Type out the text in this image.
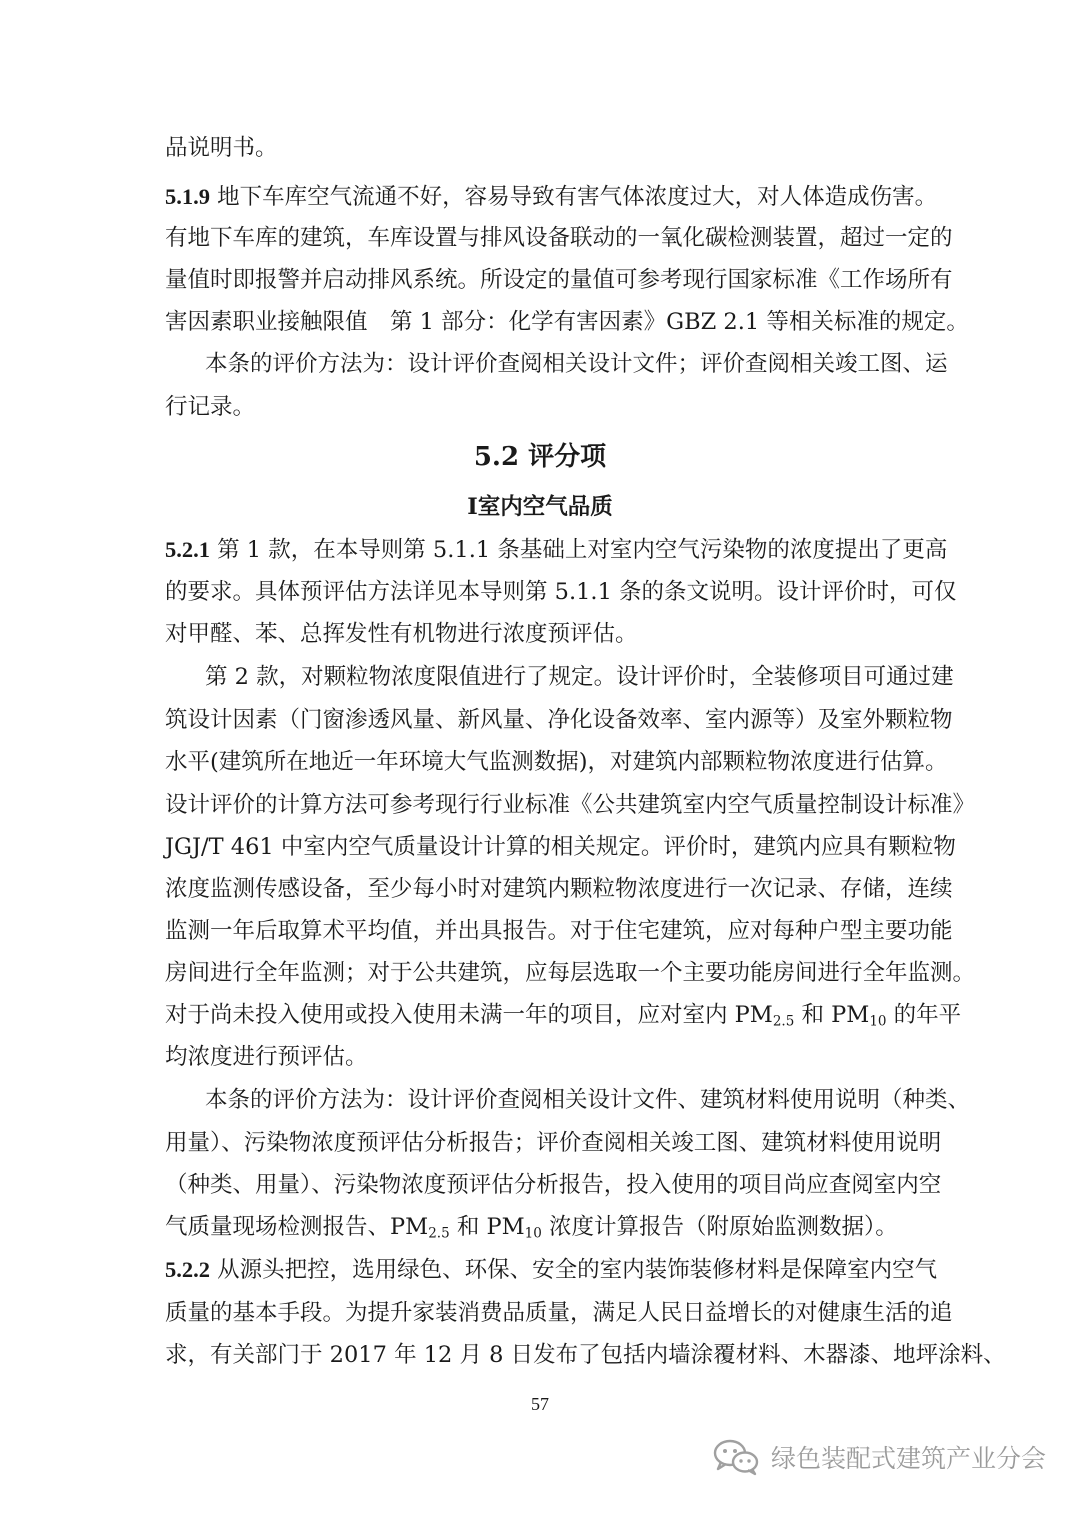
品说明书。
5.1.9 地下车库空气流通不好，容易导致有害气体浓度过大，对人体造成伤害。
有地下车库的建筑，车库设置与排风设备联动的一氧化碳检测装置，超过一定的
量值时即报警并启动排风系统。所设定的量值可参考现行国家标准《工作场所有
害因素职业接触限值　第 1 部分：化学有害因素》GBZ 2.1 等相关标准的规定。
本条的评价方法为：设计评价查阅相关设计文件；评价查阅相关竣工图、运
行记录。
5.2 评分项
Ⅰ室内空气品质
5.2.1 第 1 款，在本导则第 5.1.1 条基础上对室内空气污染物的浓度提出了更高
的要求。具体预评估方法详见本导则第 5.1.1 条的条文说明。设计评价时，可仅
对甲醛、苯、总挥发性有机物进行浓度预评估。
第 2 款，对颗粒物浓度限值进行了规定。设计评价时，全装修项目可通过建
筑设计因素（门窗渗透风量、新风量、净化设备效率、室内源等）及室外颗粒物
水平(建筑所在地近一年环境大气监测数据)，对建筑内部颗粒物浓度进行估算。
设计评价的计算方法可参考现行行业标准《公共建筑室内空气质量控制设计标准》
JGJ/T 461 中室内空气质量设计计算的相关规定。评价时，建筑内应具有颗粒物
浓度监测传感设备，至少每小时对建筑内颗粒物浓度进行一次记录、存储，连续
监测一年后取算术平均值，并出具报告。对于住宅建筑，应对每种户型主要功能
房间进行全年监测；对于公共建筑，应每层选取一个主要功能房间进行全年监测。
对于尚未投入使用或投入使用未满一年的项目，应对室内 $PM_{2.5}$ 和 $PM_{10}$ 的年平
均浓度进行预评估。
本条的评价方法为：设计评价查阅相关设计文件、建筑材料使用说明（种类、
用量）、污染物浓度预评估分析报告；评价查阅相关竣工图、建筑材料使用说明
（种类、用量）、污染物浓度预评估分析报告，投入使用的项目尚应查阅室内空
气质量现场检测报告、$PM_{2.5}$ 和 $PM_{10}$ 浓度计算报告（附原始监测数据）。
5.2.2 从源头把控，选用绿色、环保、安全的室内装饰装修材料是保障室内空气
质量的基本手段。为提升家装消费品质量，满足人民日益增长的对健康生活的追
求，有关部门于 2017 年 12 月 8 日发布了包括内墙涂覆材料、木器漆、地坪涂料、
57
绿色装配式建筑产业分会
